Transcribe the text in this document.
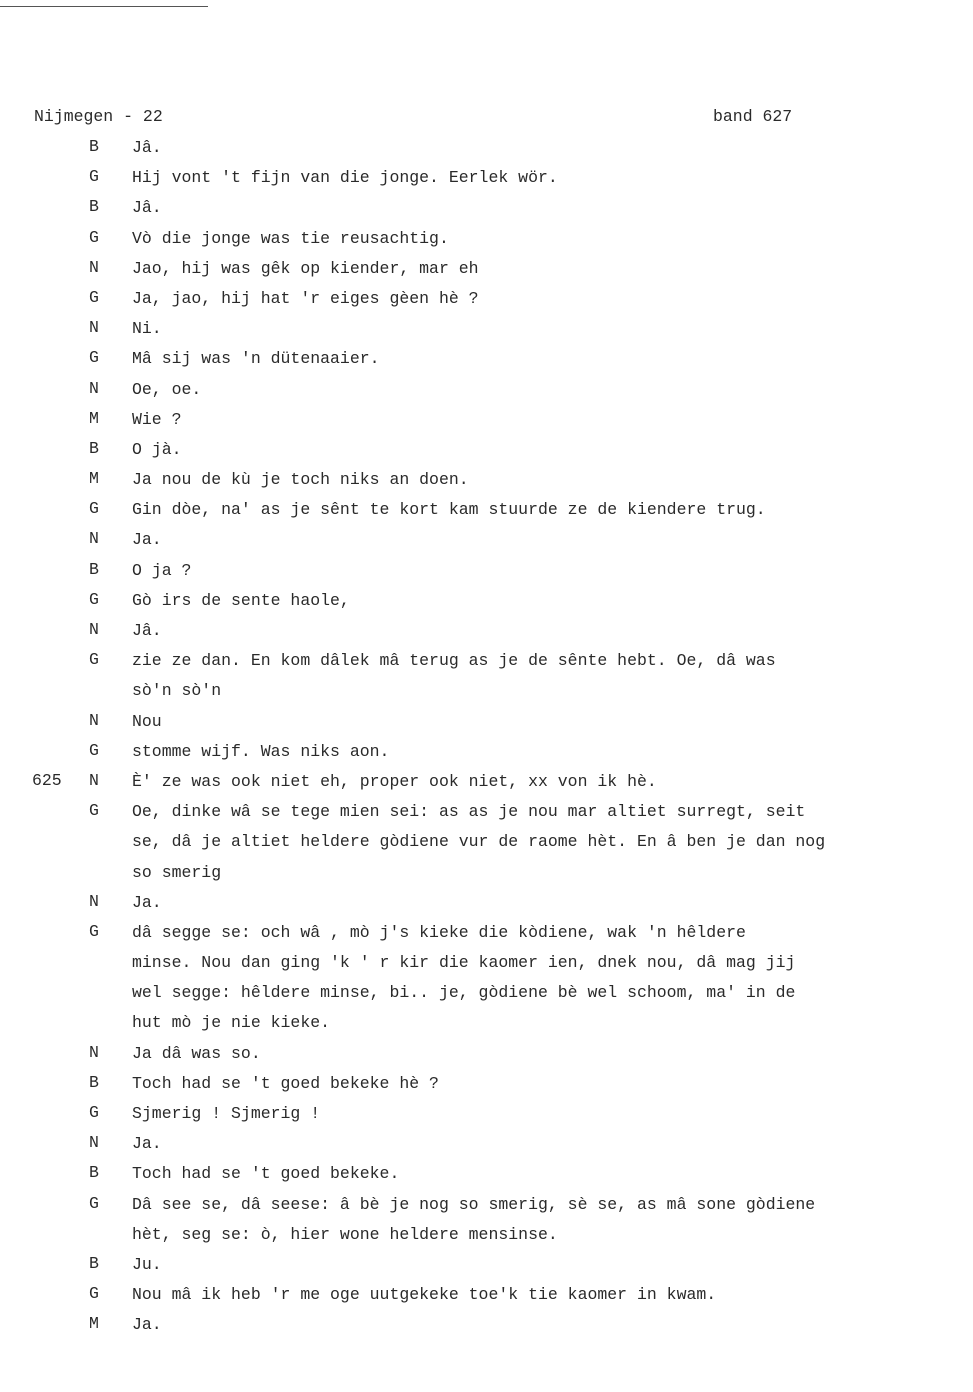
Nijmegen - 22	band 627
B	Jâ.
G	Hij vont 't fijn van die jonge. Eerlek wör.
B	Jâ.
G	Vò die jonge was tie reusachtig.
N	Jao, hij was gêk op kiender, mar eh
G	Ja, jao, hij hat 'r eiges gèen hè ?
N	Ni.
G	Mâ sij was 'n dütenaaier.
N	Oe, oe.
M	Wie ?
B	O jà.
M	Ja nou de kù je toch niks an doen.
G	Gin dòe, na' as je sênt te kort kam stuurde ze de kiendere trug.
N	Ja.
B	O ja ?
G	Gò irs de sente haole,
N	Jâ.
G	zie ze dan. En kom dâlek mâ terug as je de sênte hebt. Oe, dâ was
sò'n sò'n
N	Nou
G	stomme wijf. Was niks aon.
625	N	È' ze was ook niet eh, proper ook niet, xx von ik hè.
G	Oe, dinke wâ se tege mien sei: as as je nou mar altiet surregt, seit
se, dâ je altiet heldere gòdiene vur de raome hèt. En â ben je dan nog
so smerig
N	Ja.
G	dâ segge se: och wâ , mò j's kieke die kòdiene, wak 'n hêldere
minse. Nou dan ging 'k ' r kir die kaomer ien, dnek nou, dâ mag jij
wel segge: hêldere minse, bi.. je, gòdiene bè wel schoom, ma' in de
hut mò je nie kieke.
N	Ja dâ was so.
B	Toch had se 't goed bekeke hè ?
G	Sjmerig ! Sjmerig !
N	Ja.
B	Toch had se 't goed bekeke.
G	Dâ see se, dâ seese: â bè je nog so smerig, sè se, as mâ sone gòdiene
hèt, seg se: ò, hier wone heldere mensinse.
B	Ju.
G	Nou mâ ik heb 'r me oge uutgekeke toe'k tie kaomer in kwam.
M	Ja.
